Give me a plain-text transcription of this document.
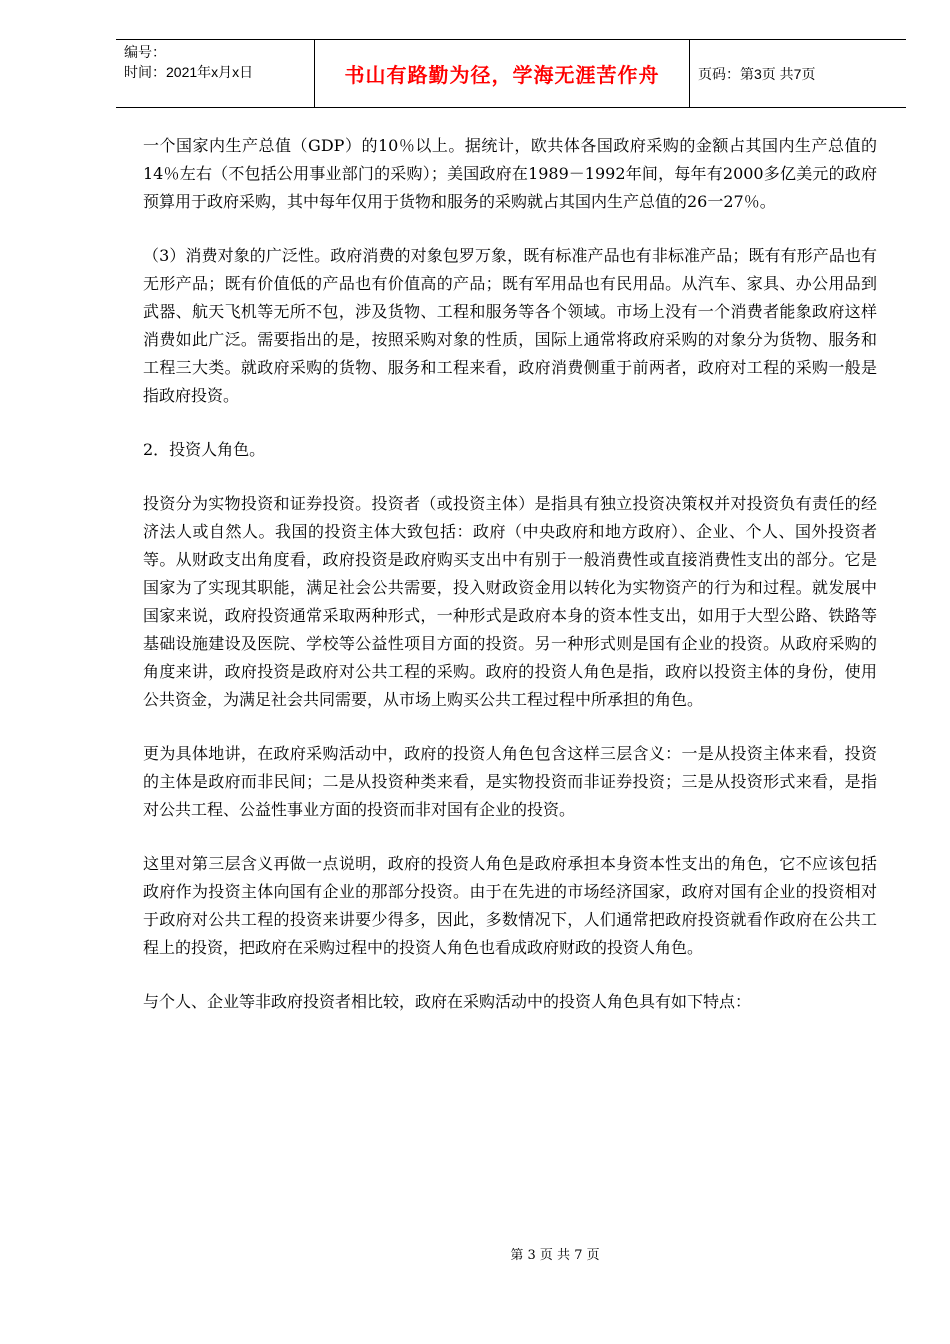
编号：
时间：2021年x月x日	书山有路勤为径，学海无涯苦作舟	页码：第3页 共7页

一个国家内生产总值（GDP）的10％以上。据统计，欧共体各国政府采购的金额占其国内生产总值的14％左右（不包括公用事业部门的采购）；美国政府在1989－1992年间，每年有2000多亿美元的政府预算用于政府采购，其中每年仅用于货物和服务的采购就占其国内生产总值的26一27％。

（3）消费对象的广泛性。政府消费的对象包罗万象，既有标准产品也有非标准产品；既有有形产品也有无形产品；既有价值低的产品也有价值高的产品；既有军用品也有民用品。从汽车、家具、办公用品到武器、航天飞机等无所不包，涉及货物、工程和服务等各个领域。市场上没有一个消费者能象政府这样消费如此广泛。需要指出的是，按照采购对象的性质，国际上通常将政府采购的对象分为货物、服务和工程三大类。就政府采购的货物、服务和工程来看，政府消费侧重于前两者，政府对工程的采购一般是指政府投资。

2．投资人角色。

投资分为实物投资和证券投资。投资者（或投资主体）是指具有独立投资决策权并对投资负有责任的经济法人或自然人。我国的投资主体大致包括：政府（中央政府和地方政府）、企业、个人、国外投资者等。从财政支出角度看，政府投资是政府购买支出中有别于一般消费性或直接消费性支出的部分。它是国家为了实现其职能，满足社会公共需要，投入财政资金用以转化为实物资产的行为和过程。就发展中国家来说，政府投资通常采取两种形式，一种形式是政府本身的资本性支出，如用于大型公路、铁路等基础设施建设及医院、学校等公益性项目方面的投资。另一种形式则是国有企业的投资。从政府采购的角度来讲，政府投资是政府对公共工程的采购。政府的投资人角色是指，政府以投资主体的身份，使用公共资金，为满足社会共同需要，从市场上购买公共工程过程中所承担的角色。

更为具体地讲，在政府采购活动中，政府的投资人角色包含这样三层含义：一是从投资主体来看，投资的主体是政府而非民间；二是从投资种类来看，是实物投资而非证券投资；三是从投资形式来看，是指对公共工程、公益性事业方面的投资而非对国有企业的投资。

这里对第三层含义再做一点说明，政府的投资人角色是政府承担本身资本性支出的角色，它不应该包括政府作为投资主体向国有企业的那部分投资。由于在先进的市场经济国家，政府对国有企业的投资相对于政府对公共工程的投资来讲要少得多，因此，多数情况下，人们通常把政府投资就看作政府在公共工程上的投资，把政府在采购过程中的投资人角色也看成政府财政的投资人角色。

与个人、企业等非政府投资者相比较，政府在采购活动中的投资人角色具有如下特点：

第 3 页 共 7 页
